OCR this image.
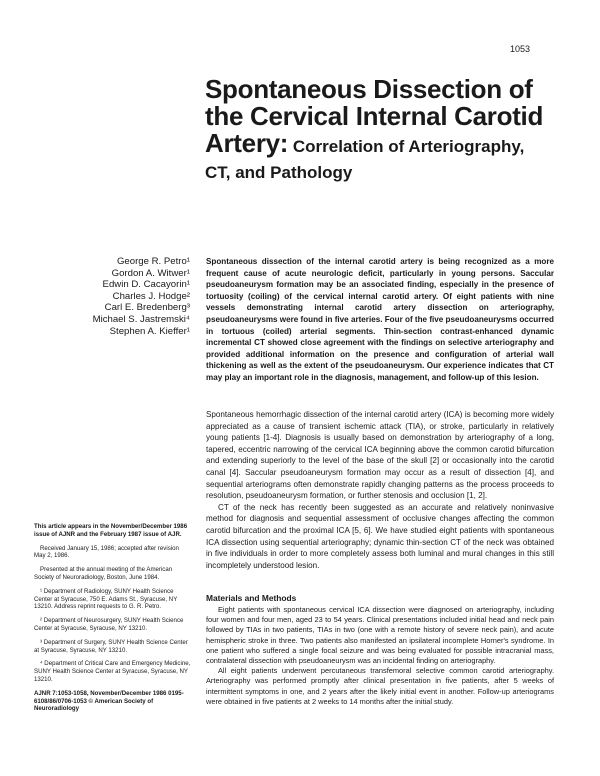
1053
Spontaneous Dissection of
the Cervical Internal Carotid
Artery: Correlation of Arteriography,
CT, and Pathology
George R. Petro¹
Gordon A. Witwer¹
Edwin D. Cacayorin¹
Charles J. Hodge²
Carl E. Bredenberg³
Michael S. Jastremski⁴
Stephen A. Kieffer¹

Spontaneous dissection of the internal carotid artery is being recognized as a more frequent cause of acute neurologic deficit, particularly in young persons. Saccular pseudoaneurysm formation may be an associated finding, especially in the presence of tortuosity (coiling) of the cervical internal carotid artery. Of eight patients with nine vessels demonstrating internal carotid artery dissection on arteriography, pseudoaneurysms were found in five arteries. Four of the five pseudoaneurysms occurred in tortuous (coiled) arterial segments. Thin-section contrast-enhanced dynamic incremental CT showed close agreement with the findings on selective arteriography and provided additional information on the presence and configuration of arterial wall thickening as well as the extent of the pseudoaneurysm. Our experience indicates that CT may play an important role in the diagnosis, management, and follow-up of this lesion.

Spontaneous hemorrhagic dissection of the internal carotid artery (ICA) is becoming more widely appreciated as a cause of transient ischemic attack (TIA), or stroke, particularly in relatively young patients [1-4]. Diagnosis is usually based on demonstration by arteriography of a long, tapered, eccentric narrowing of the cervical ICA beginning above the common carotid bifurcation and extending superiorly to the level of the base of the skull [2] or occasionally into the carotid canal [4]. Saccular pseudoaneurysm formation may occur as a result of dissection [4], and sequential arteriograms often demonstrate rapidly changing patterns as the process proceeds to resolution, pseudoaneurysm formation, or further stenosis and occlusion [1, 2].

CT of the neck has recently been suggested as an accurate and relatively noninvasive method for diagnosis and sequential assessment of occlusive changes affecting the common carotid bifurcation and the proximal ICA [5, 6]. We have studied eight patients with spontaneous ICA dissection using sequential arteriography; dynamic thin-section CT of the neck was obtained in five individuals in order to more completely assess both luminal and mural changes in this still incompletely understood lesion.

This article appears in the November/December 1986 issue of AJNR and the February 1987 issue of AJR.

Received January 15, 1986; accepted after revision May 2, 1986.

Presented at the annual meeting of the American Society of Neuroradiology, Boston, June 1984.

¹ Department of Radiology, SUNY Health Science Center at Syracuse, 750 E. Adams St., Syracuse, NY 13210. Address reprint requests to G. R. Petro.

² Department of Neurosurgery, SUNY Health Science Center at Syracuse, Syracuse, NY 13210.

³ Department of Surgery, SUNY Health Science Center at Syracuse, Syracuse, NY 13210.

⁴ Department of Critical Care and Emergency Medicine, SUNY Health Science Center at Syracuse, Syracuse, NY 13210.

AJNR 7:1053-1058, November/December 1986 0195-6108/86/0706-1053 © American Society of Neuroradiology

Materials and Methods

Eight patients with spontaneous cervical ICA dissection were diagnosed on arteriography, including four women and four men, aged 23 to 54 years. Clinical presentations included initial head and neck pain followed by TIAs in two patients, TIAs in two (one with a remote history of severe neck pain), and acute hemispheric stroke in three. Two patients also manifested an ipsilateral incomplete Horner's syndrome. In one patient who suffered a single focal seizure and was being evaluated for possible intracranial mass, contralateral dissection with pseudoaneurysm was an incidental finding on arteriography.

All eight patients underwent percutaneous transfemoral selective common carotid arteriography. Arteriography was performed promptly after clinical presentation in five patients, after 5 weeks of intermittent symptoms in one, and 2 years after the likely initial event in another. Follow-up arteriograms were obtained in five patients at 2 weeks to 14 months after the initial study.
